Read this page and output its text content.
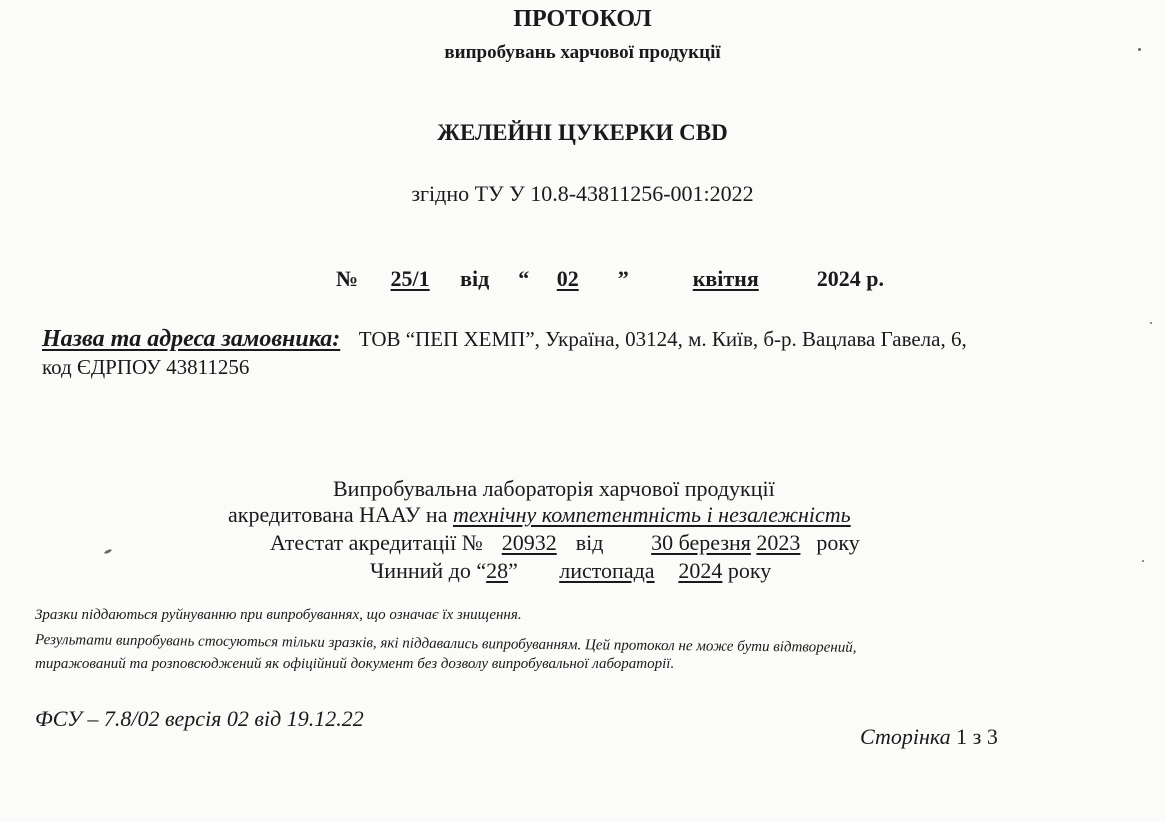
ПРОТОКОЛ
випробувань харчової продукції
ЖЕЛЕЙНІ ЦУКЕРКИ CBD
згідно ТУ У 10.8-43811256-001:2022
№ 25/1 від “ 02 ”	квітня	2024 р.
Назва та адреса замовника: ТОВ “ПЕП ХЕМП”, Україна, 03124, м. Київ, б-р. Вацлава Гавела, 6,
код ЄДРПОУ 43811256
Випробувальна лабораторія харчової продукції
акредитована НААУ на технічну компетентність і незалежність
Атестат акредитації № 20932 від 30 березня 2023 року
Чинний до “28” листопада 2024 року
Зразки піддаються руйнуванню при випробуваннях, що означає їх знищення.
Результати випробувань стосуються тільки зразків, які піддавались випробуванням. Цей протокол не може бути відтворений,
тиражований та розповсюджений як офіційний документ без дозволу випробувальної лабораторії.
ФСУ – 7.8/02 версія 02 від 19.12.22
Сторінка 1 з 3
